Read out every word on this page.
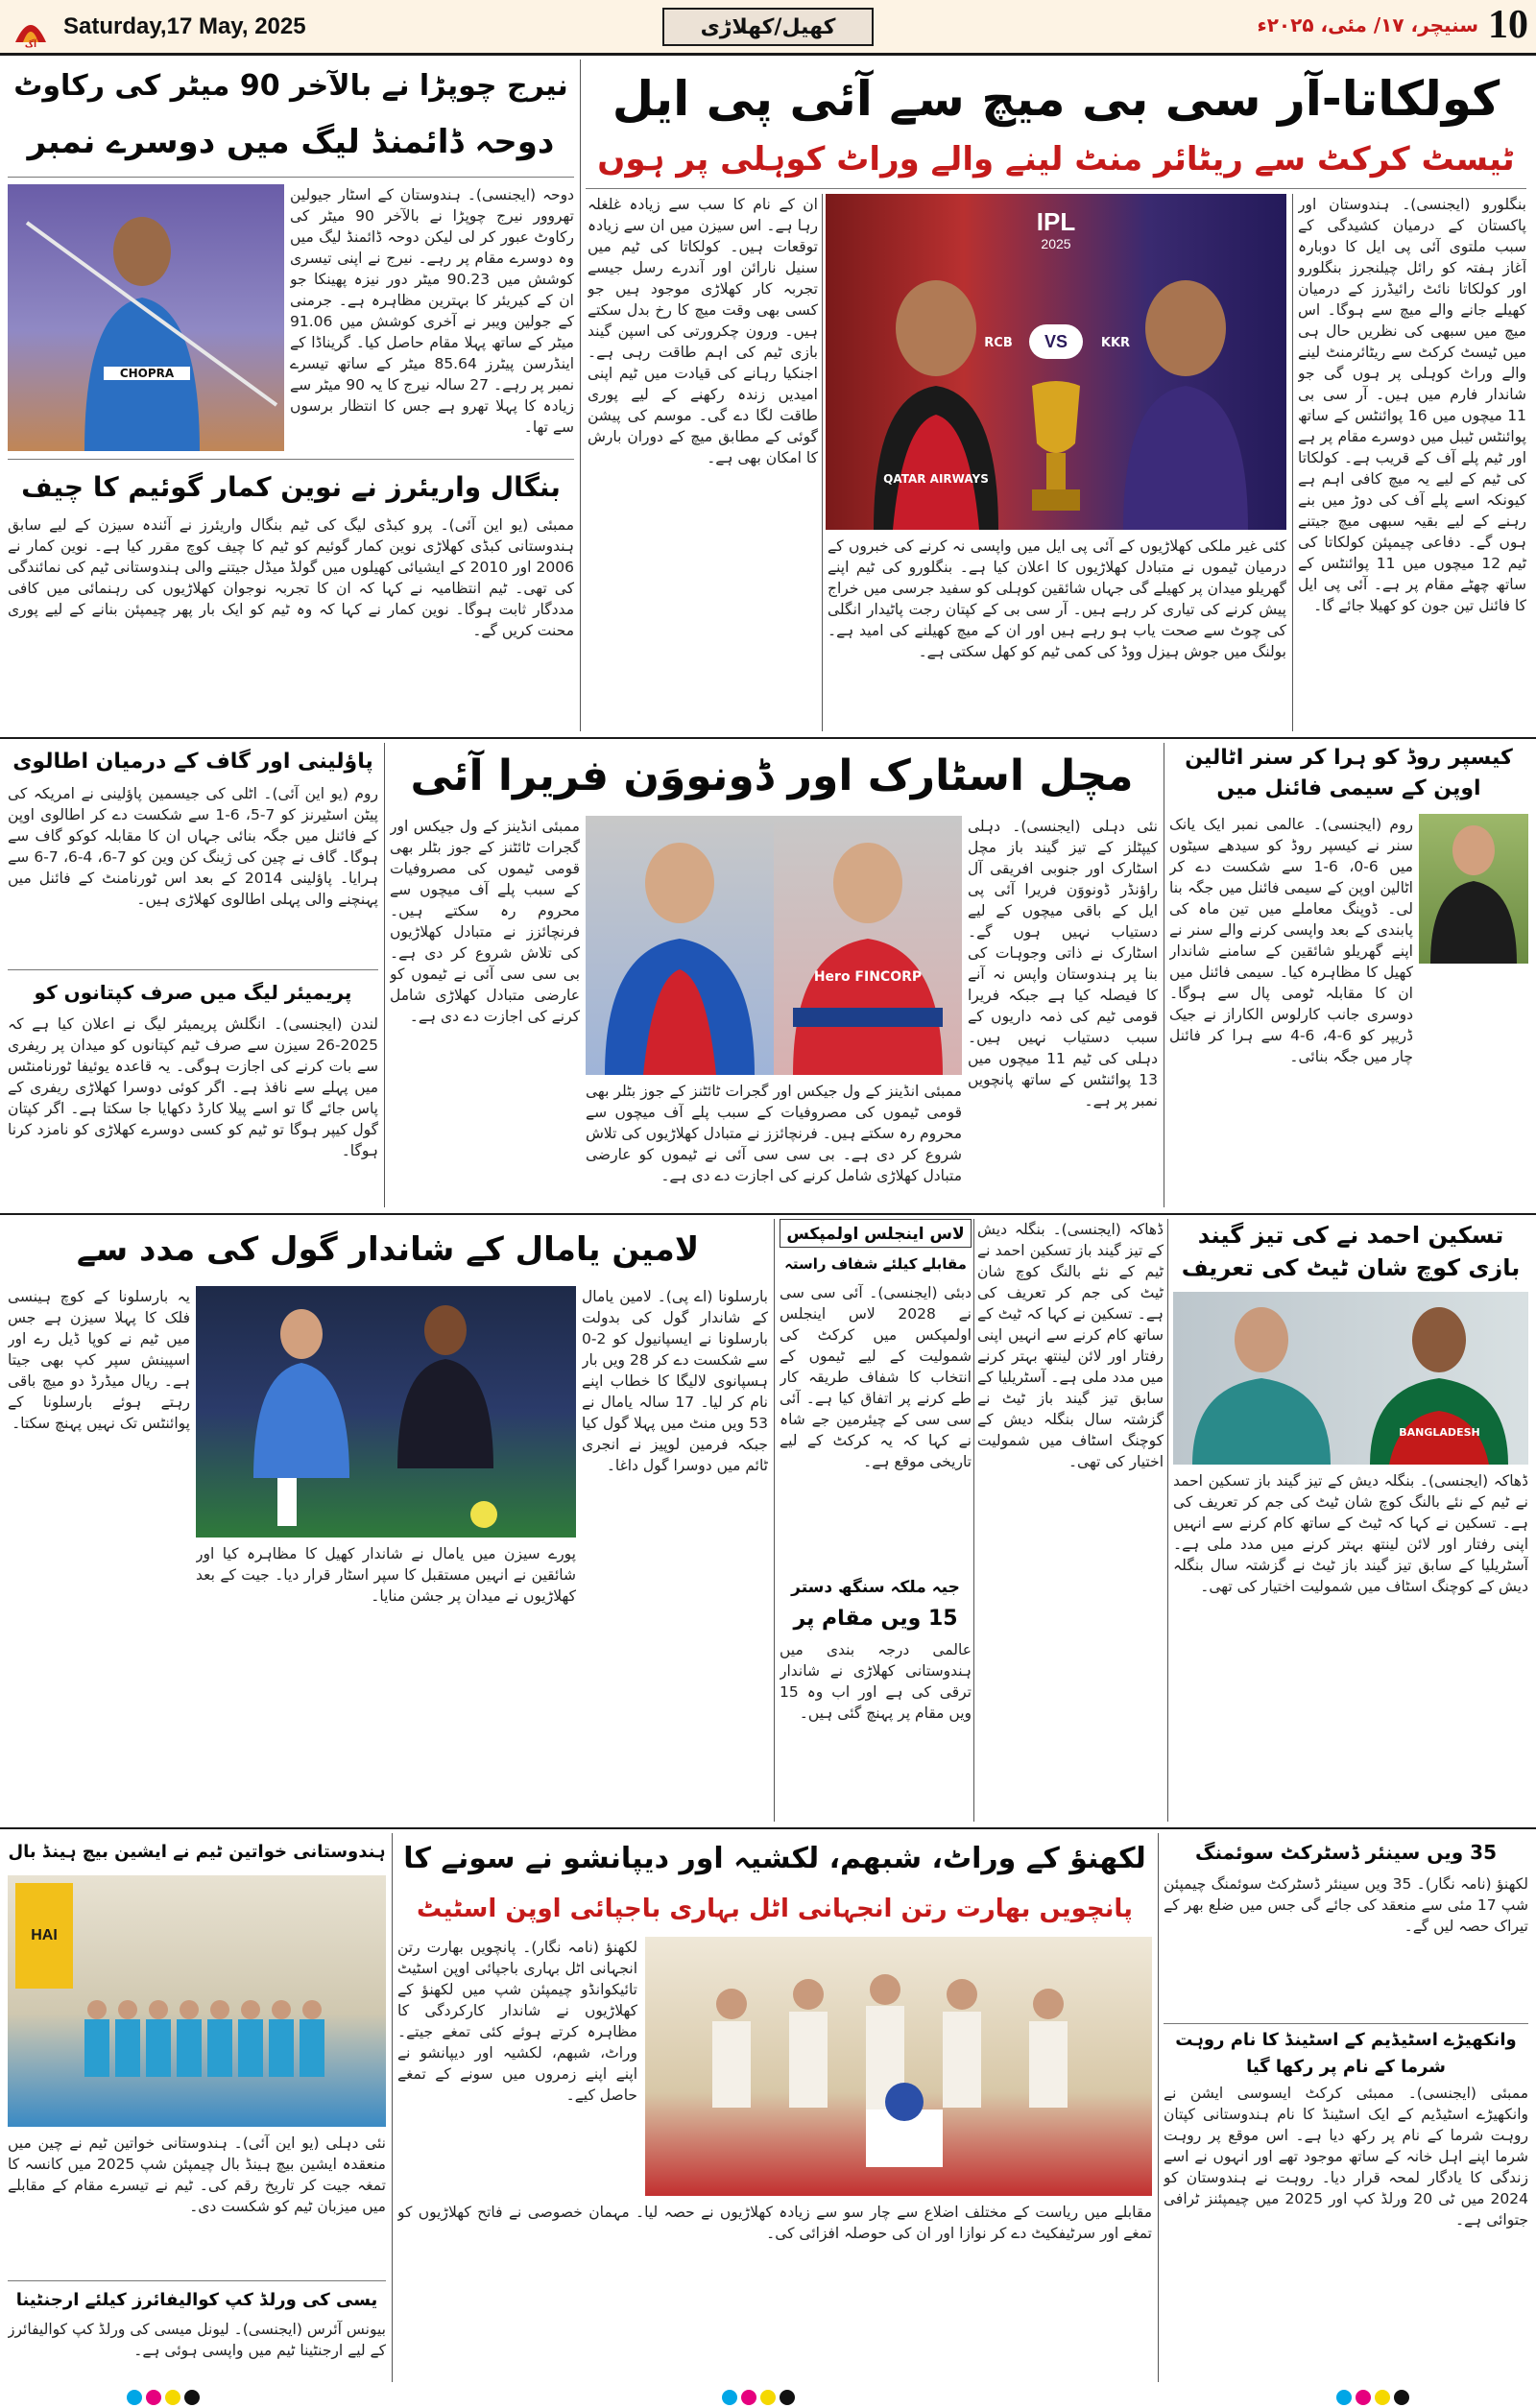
آگ
Saturday,17 May, 2025	کھیل/کھلاڑی	سنیچر، ۱۷/ مئی، ۲۰۲۵ء 10
کولکاتا-آر سی بی میچ سے آئی پی ایل
ٹیسٹ کرکٹ سے ریٹائر منٹ لینے والے وراٹ کوہلی پر ہوں
بنگلورو (ایجنسی)۔ ہندوستان اور پاکستان کے درمیان کشیدگی کے سبب ملتوی آئی پی ایل کا دوبارہ آغاز ہفتہ کو رائل چیلنجرز بنگلورو اور کولکاتا نائٹ رائیڈرز کے درمیان کھیلے جانے والے میچ سے ہوگا۔ اس میچ میں سبھی کی نظریں حال ہی میں ٹیسٹ کرکٹ سے ریٹائرمنٹ لینے والے وراٹ کوہلی پر ہوں گی جو شاندار فارم میں ہیں۔ آر سی بی 11 میچوں میں 16 پوائنٹس کے ساتھ پوائنٹس ٹیبل میں دوسرے مقام پر ہے اور ٹیم پلے آف کے قریب ہے۔ کولکاتا کی ٹیم کے لیے یہ میچ کافی اہم ہے کیونکہ اسے پلے آف کی دوڑ میں بنے رہنے کے لیے بقیہ سبھی میچ جیتنے ہوں گے۔ دفاعی چیمپئن کولکاتا کی ٹیم 12 میچوں میں 11 پوائنٹس کے ساتھ چھٹے مقام پر ہے۔ آئی پی ایل کا فائنل تین جون کو کھیلا جائے گا۔
IPL
2025
RCB	VS	KKR
QATAR AIRWAYS
ان کے نام کا سب سے زیادہ غلغلہ رہا ہے۔ اس سیزن میں ان سے زیادہ توقعات ہیں۔ کولکاتا کی ٹیم میں سنیل نارائن اور آندرے رسل جیسے تجربہ کار کھلاڑی موجود ہیں جو کسی بھی وقت میچ کا رخ بدل سکتے ہیں۔ ورون چکرورتی کی اسپن گیند بازی ٹیم کی اہم طاقت رہی ہے۔ اجنکیا رہانے کی قیادت میں ٹیم اپنی امیدیں زندہ رکھنے کے لیے پوری طاقت لگا دے گی۔ موسم کی پیشن گوئی کے مطابق میچ کے دوران بارش کا امکان بھی ہے۔
کئی غیر ملکی کھلاڑیوں کے آئی پی ایل میں واپسی نہ کرنے کی خبروں کے درمیان ٹیموں نے متبادل کھلاڑیوں کا اعلان کیا ہے۔ بنگلورو کی ٹیم اپنے گھریلو میدان پر کھیلے گی جہاں شائقین کوہلی کو سفید جرسی میں خراج پیش کرنے کی تیاری کر رہے ہیں۔ آر سی بی کے کپتان رجت پاٹیدار انگلی کی چوٹ سے صحت یاب ہو رہے ہیں اور ان کے میچ کھیلنے کی امید ہے۔ بولنگ میں جوش ہیزل ووڈ کی کمی ٹیم کو کھل سکتی ہے۔
نیرج چوپڑا نے بالآخر 90 میٹر کی رکاوٹ
دوحہ ڈائمنڈ لیگ میں دوسرے نمبر
CHOPRA
دوحہ (ایجنسی)۔ ہندوستان کے اسٹار جیولین تھروور نیرج چوپڑا نے بالآخر 90 میٹر کی رکاوٹ عبور کر لی لیکن دوحہ ڈائمنڈ لیگ میں وہ دوسرے مقام پر رہے۔ نیرج نے اپنی تیسری کوشش میں 90.23 میٹر دور نیزہ پھینکا جو ان کے کیریئر کا بہترین مظاہرہ ہے۔ جرمنی کے جولین ویبر نے آخری کوشش میں 91.06 میٹر کے ساتھ پہلا مقام حاصل کیا۔ گریناڈا کے اینڈرسن پیٹرز 85.64 میٹر کے ساتھ تیسرے نمبر پر رہے۔ 27 سالہ نیرج کا یہ 90 میٹر سے زیادہ کا پہلا تھرو ہے جس کا انتظار برسوں سے تھا۔
بنگال واریئرز نے نوین کمار گوئیم کا چیف
ممبئی (یو این آئی)۔ پرو کبڈی لیگ کی ٹیم بنگال واریئرز نے آئندہ سیزن کے لیے سابق ہندوستانی کبڈی کھلاڑی نوین کمار گوئیم کو ٹیم کا چیف کوچ مقرر کیا ہے۔ نوین کمار نے 2006 اور 2010 کے ایشیائی کھیلوں میں گولڈ میڈل جیتنے والی ہندوستانی ٹیم کی نمائندگی کی تھی۔ ٹیم انتظامیہ نے کہا کہ ان کا تجربہ نوجوان کھلاڑیوں کی رہنمائی میں کافی مددگار ثابت ہوگا۔ نوین کمار نے کہا کہ وہ ٹیم کو ایک بار پھر چیمپئن بنانے کے لیے پوری محنت کریں گے۔
کیسپر روڈ کو ہرا کر سنر اٹالین اوپن کے سیمی فائنل میں
روم (ایجنسی)۔ عالمی نمبر ایک یانک سنر نے کیسپر روڈ کو سیدھے سیٹوں میں 6-0، 6-1 سے شکست دے کر اٹالین اوپن کے سیمی فائنل میں جگہ بنا لی۔ ڈوپنگ معاملے میں تین ماہ کی پابندی کے بعد واپسی کرنے والے سنر نے اپنے گھریلو شائقین کے سامنے شاندار کھیل کا مظاہرہ کیا۔ سیمی فائنل میں ان کا مقابلہ ٹومی پال سے ہوگا۔ دوسری جانب کارلوس الکاراز نے جیک ڈریپر کو 6-4، 6-4 سے ہرا کر فائنل چار میں جگہ بنائی۔
مچل اسٹارک اور ڈونووَن فریرا آئی
Hero FINCORP
نئی دہلی (ایجنسی)۔ دہلی کیپٹلز کے تیز گیند باز مچل اسٹارک اور جنوبی افریقی آل راؤنڈر ڈونووَن فریرا آئی پی ایل کے باقی میچوں کے لیے دستیاب نہیں ہوں گے۔ اسٹارک نے ذاتی وجوہات کی بنا پر ہندوستان واپس نہ آنے کا فیصلہ کیا ہے جبکہ فریرا قومی ٹیم کی ذمہ داریوں کے سبب دستیاب نہیں ہیں۔ دہلی کی ٹیم 11 میچوں میں 13 پوائنٹس کے ساتھ پانچویں نمبر پر ہے۔
ممبئی انڈینز کے ول جیکس اور گجرات ٹائٹنز کے جوز بٹلر بھی قومی ٹیموں کی مصروفیات کے سبب پلے آف میچوں سے محروم رہ سکتے ہیں۔ فرنچائزز نے متبادل کھلاڑیوں کی تلاش شروع کر دی ہے۔ بی سی سی آئی نے ٹیموں کو عارضی متبادل کھلاڑی شامل کرنے کی اجازت دے دی ہے۔
ممبئی انڈینز کے ول جیکس اور گجرات ٹائٹنز کے جوز بٹلر بھی قومی ٹیموں کی مصروفیات کے سبب پلے آف میچوں سے محروم رہ سکتے ہیں۔ فرنچائزز نے متبادل کھلاڑیوں کی تلاش شروع کر دی ہے۔ بی سی سی آئی نے ٹیموں کو عارضی متبادل کھلاڑی شامل کرنے کی اجازت دے دی ہے۔
پاؤلینی اور گاف کے درمیان اطالوی
روم (یو این آئی)۔ اٹلی کی جیسمین پاؤلینی نے امریکہ کی پیٹن اسٹیرنز کو 7-5، 6-1 سے شکست دے کر اطالوی اوپن کے فائنل میں جگہ بنائی جہاں ان کا مقابلہ کوکو گاف سے ہوگا۔ گاف نے چین کی ژینگ کن وین کو 7-6، 4-6، 7-6 سے ہرایا۔ پاؤلینی 2014 کے بعد اس ٹورنامنٹ کے فائنل میں پہنچنے والی پہلی اطالوی کھلاڑی ہیں۔
پریمیئر لیگ میں صرف کپتانوں کو
لندن (ایجنسی)۔ انگلش پریمیئر لیگ نے اعلان کیا ہے کہ 2025-26 سیزن سے صرف ٹیم کپتانوں کو میدان پر ریفری سے بات کرنے کی اجازت ہوگی۔ یہ قاعدہ یوئیفا ٹورنامنٹس میں پہلے سے نافذ ہے۔ اگر کوئی دوسرا کھلاڑی ریفری کے پاس جائے گا تو اسے پیلا کارڈ دکھایا جا سکتا ہے۔ اگر کپتان گول کیپر ہوگا تو ٹیم کو کسی دوسرے کھلاڑی کو نامزد کرنا ہوگا۔
تسکین احمد نے کی تیز گیند بازی کوچ شان ٹیٹ کی تعریف
BANGLADESH
ڈھاکہ (ایجنسی)۔ بنگلہ دیش کے تیز گیند باز تسکین احمد نے ٹیم کے نئے بالنگ کوچ شان ٹیٹ کی جم کر تعریف کی ہے۔ تسکین نے کہا کہ ٹیٹ کے ساتھ کام کرنے سے انہیں اپنی رفتار اور لائن لینتھ بہتر کرنے میں مدد ملی ہے۔ آسٹریلیا کے سابق تیز گیند باز ٹیٹ نے گزشتہ سال بنگلہ دیش کے کوچنگ اسٹاف میں شمولیت اختیار کی تھی۔
لاس اینجلس اولمپکس
مقابلے کیلئے شفاف راستہ
دبئی (ایجنسی)۔ آئی سی سی نے 2028 لاس اینجلس اولمپکس میں کرکٹ کی شمولیت کے لیے ٹیموں کے انتخاب کا شفاف طریقہ کار طے کرنے پر اتفاق کیا ہے۔ آئی سی سی کے چیئرمین جے شاہ نے کہا کہ یہ کرکٹ کے لیے تاریخی موقع ہے۔
جیہ ملکہ سنگھ دستر
15 ویں مقام پر
عالمی درجہ بندی میں ہندوستانی کھلاڑی نے شاندار ترقی کی ہے اور اب وہ 15 ویں مقام پر پہنچ گئی ہیں۔
ڈھاکہ (ایجنسی)۔ بنگلہ دیش کے تیز گیند باز تسکین احمد نے ٹیم کے نئے بالنگ کوچ شان ٹیٹ کی جم کر تعریف کی ہے۔ تسکین نے کہا کہ ٹیٹ کے ساتھ کام کرنے سے انہیں اپنی رفتار اور لائن لینتھ بہتر کرنے میں مدد ملی ہے۔ آسٹریلیا کے سابق تیز گیند باز ٹیٹ نے گزشتہ سال بنگلہ دیش کے کوچنگ اسٹاف میں شمولیت اختیار کی تھی۔
لامین یامال کے شاندار گول کی مدد سے
بارسلونا (اے پی)۔ لامین یامال کے شاندار گول کی بدولت بارسلونا نے ایسپانیول کو 2-0 سے شکست دے کر 28 ویں بار ہسپانوی لالیگا کا خطاب اپنے نام کر لیا۔ 17 سالہ یامال نے 53 ویں منٹ میں پہلا گول کیا جبکہ فرمین لوپیز نے انجری ٹائم میں دوسرا گول داغا۔
یہ بارسلونا کے کوچ ہینسی فلک کا پہلا سیزن ہے جس میں ٹیم نے کوپا ڈیل رے اور اسپینش سپر کپ بھی جیتا ہے۔ ریال میڈرڈ دو میچ باقی رہتے ہوئے بارسلونا کے پوائنٹس تک نہیں پہنچ سکتا۔
پورے سیزن میں یامال نے شاندار کھیل کا مظاہرہ کیا اور شائقین نے انہیں مستقبل کا سپر اسٹار قرار دیا۔ جیت کے بعد کھلاڑیوں نے میدان پر جشن منایا۔
ہندوستانی خواتین ٹیم نے ایشین بیچ ہینڈ بال
HAI
نئی دہلی (یو این آئی)۔ ہندوستانی خواتین ٹیم نے چین میں منعقدہ ایشین بیچ ہینڈ بال چیمپئن شپ 2025 میں کانسہ کا تمغہ جیت کر تاریخ رقم کی۔ ٹیم نے تیسرے مقام کے مقابلے میں میزبان ٹیم کو شکست دی۔
یسی کی ورلڈ کپ کوالیفائرز کیلئے ارجنٹینا
بیونس آئرس (ایجنسی)۔ لیونل میسی کی ورلڈ کپ کوالیفائرز کے لیے ارجنٹینا ٹیم میں واپسی ہوئی ہے۔
لکھنؤ کے وراٹ، شبھم، لکشیہ اور دیپانشو نے سونے کا
پانچویں بھارت رتن انجہانی اٹل بہاری باجپائی اوپن اسٹیٹ
لکھنؤ (نامہ نگار)۔ پانچویں بھارت رتن انجہانی اٹل بہاری باجپائی اوپن اسٹیٹ تائیکوانڈو چیمپئن شپ میں لکھنؤ کے کھلاڑیوں نے شاندار کارکردگی کا مظاہرہ کرتے ہوئے کئی تمغے جیتے۔ وراٹ، شبھم، لکشیہ اور دیپانشو نے اپنے اپنے زمروں میں سونے کے تمغے حاصل کیے۔
مقابلے میں ریاست کے مختلف اضلاع سے چار سو سے زیادہ کھلاڑیوں نے حصہ لیا۔ مہمان خصوصی نے فاتح کھلاڑیوں کو تمغے اور سرٹیفکیٹ دے کر نوازا اور ان کی حوصلہ افزائی کی۔
35 ویں سینئر ڈسٹرکٹ سوئمنگ
لکھنؤ (نامہ نگار)۔ 35 ویں سینئر ڈسٹرکٹ سوئمنگ چیمپئن شپ 17 مئی سے منعقد کی جائے گی جس میں ضلع بھر کے تیراک حصہ لیں گے۔
وانکھیڑے اسٹیڈیم کے اسٹینڈ کا نام روہت شرما کے نام پر رکھا گیا
ممبئی (ایجنسی)۔ ممبئی کرکٹ ایسوسی ایشن نے وانکھیڑے اسٹیڈیم کے ایک اسٹینڈ کا نام ہندوستانی کپتان روہت شرما کے نام پر رکھ دیا ہے۔ اس موقع پر روہت شرما اپنے اہل خانہ کے ساتھ موجود تھے اور انہوں نے اسے زندگی کا یادگار لمحہ قرار دیا۔ روہت نے ہندوستان کو 2024 میں ٹی 20 ورلڈ کپ اور 2025 میں چیمپئنز ٹرافی جتوائی ہے۔
